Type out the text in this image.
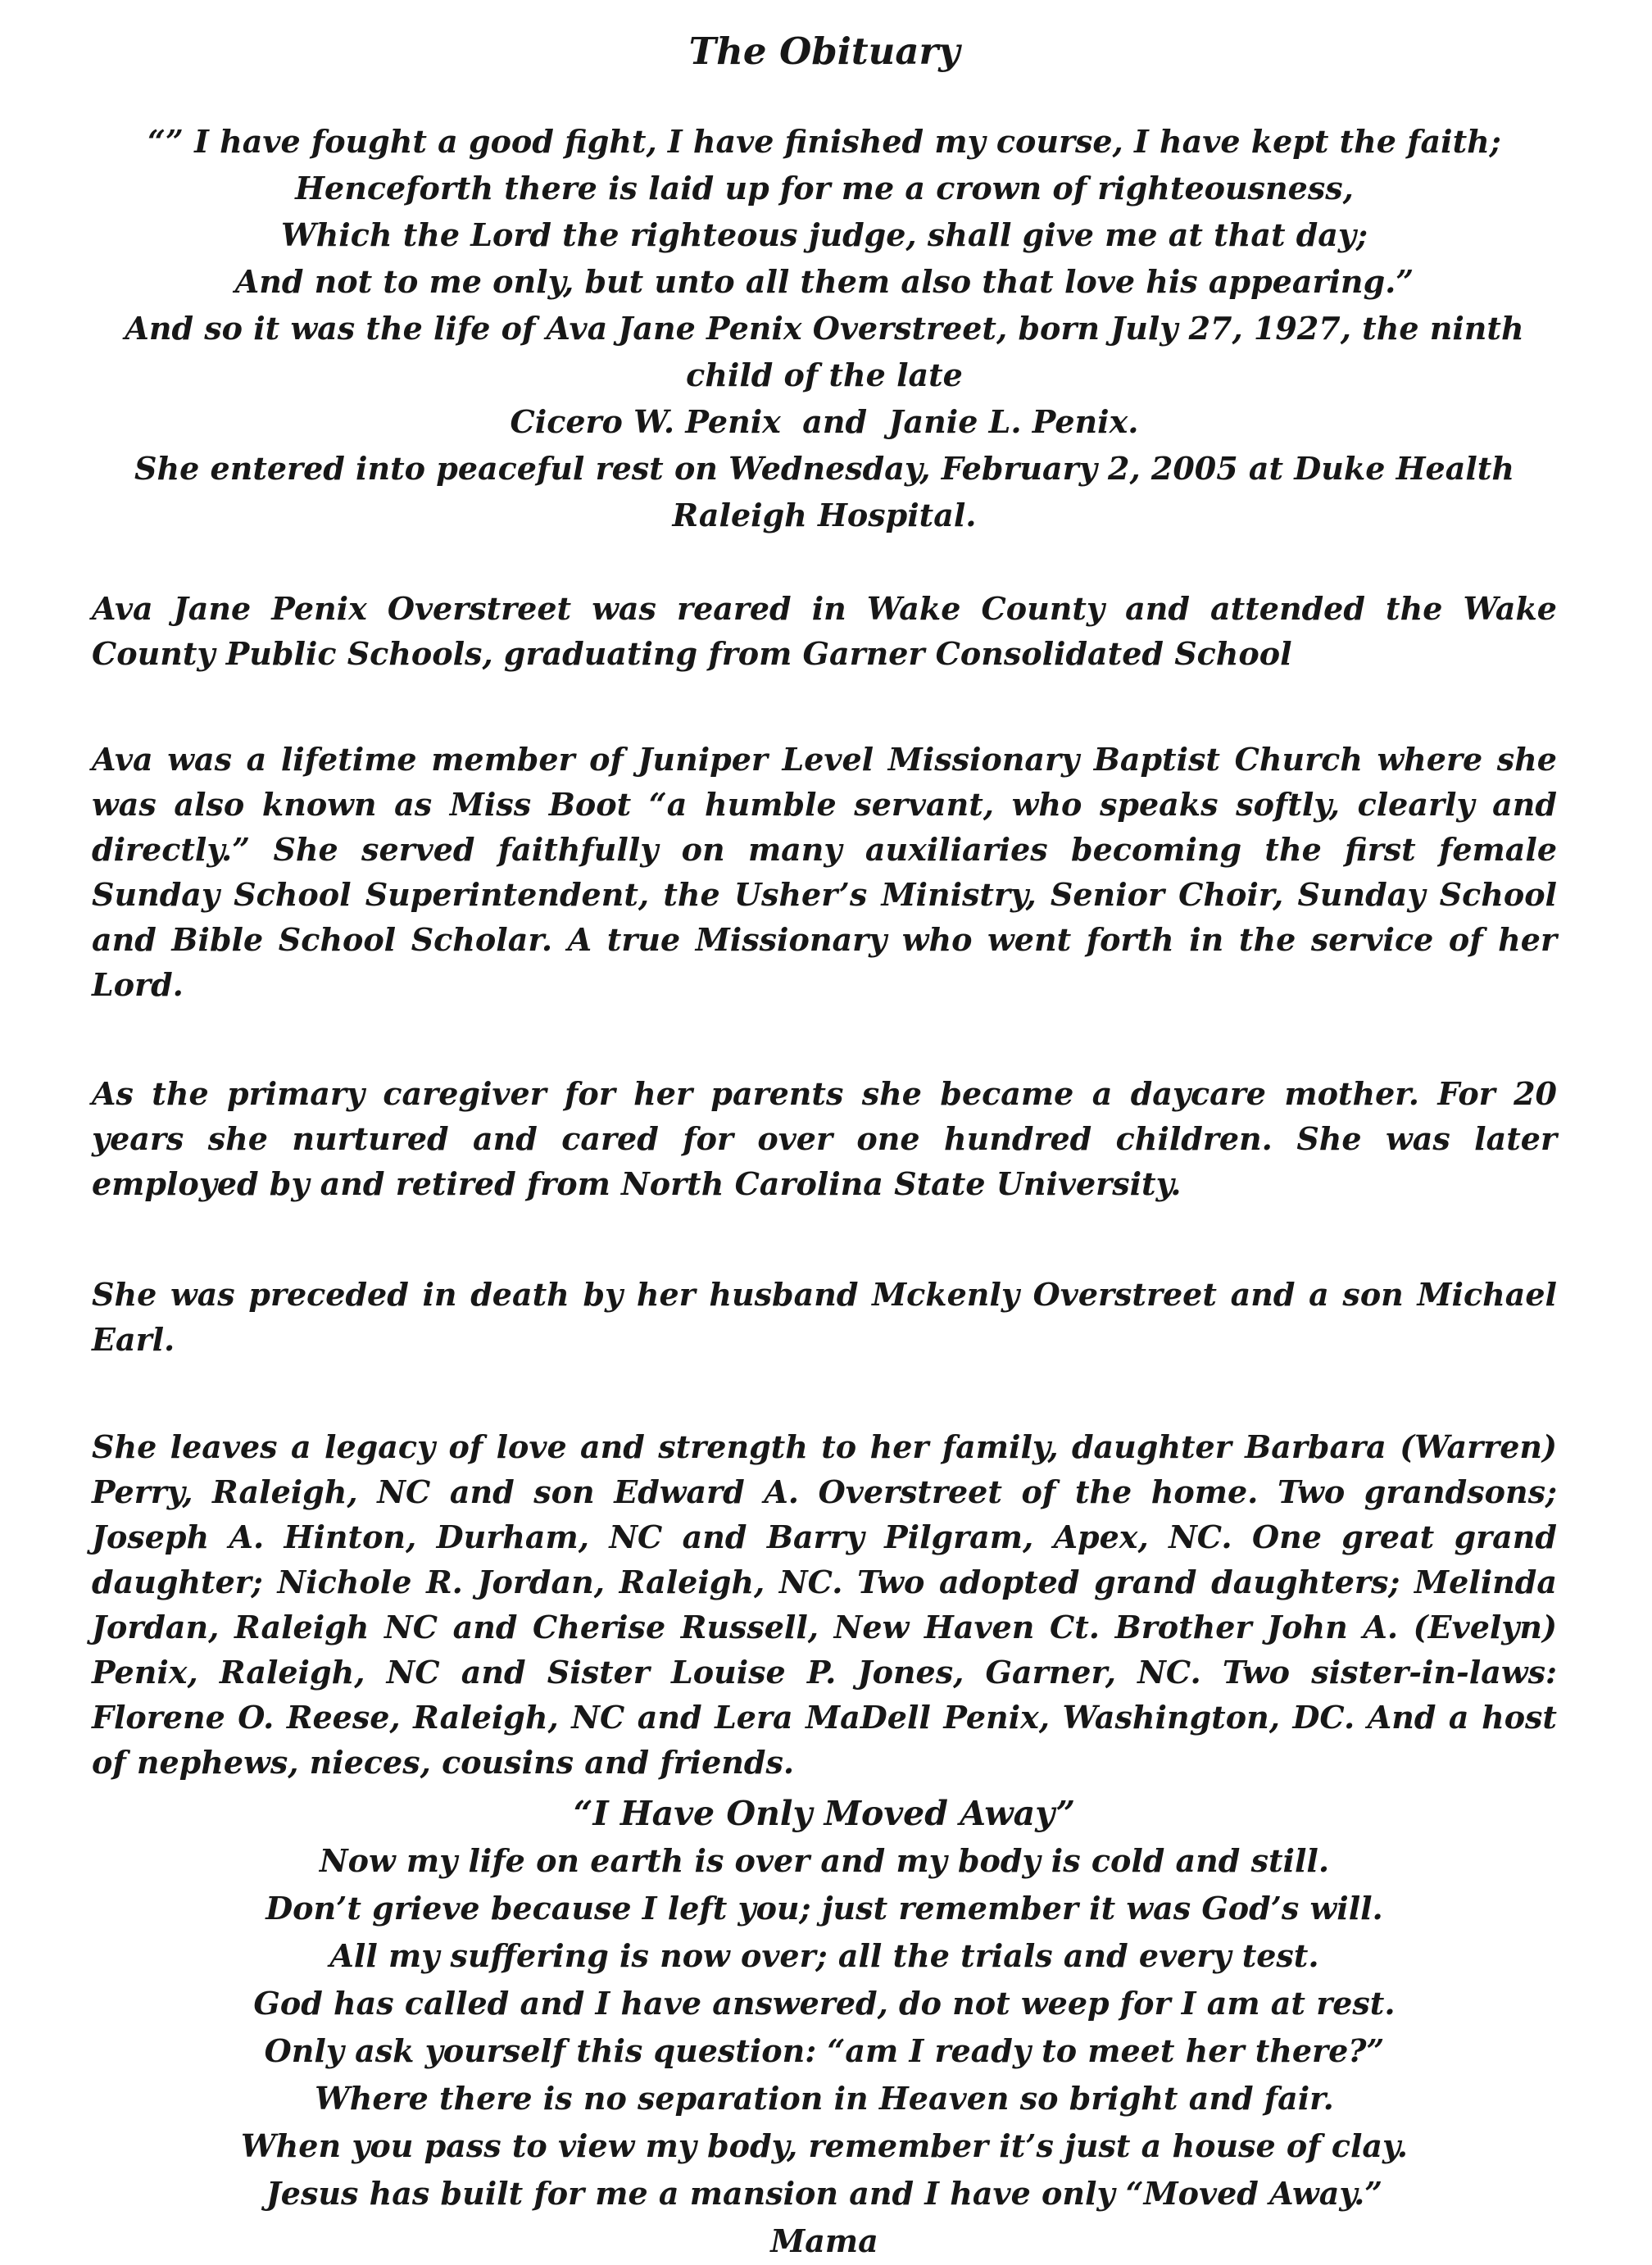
The Obituary
“” I have fought a good fight, I have finished my course, I have kept the faith;
Henceforth there is laid up for me a crown of righteousness,
Which the Lord the righteous judge, shall give me at that day;
And not to me only, but unto all them also that love his appearing.”
And so it was the life of Ava Jane Penix Overstreet, born July 27, 1927, the ninth child of the late
Cicero W. Penix  and  Janie L. Penix.
She entered into peaceful rest on Wednesday, February 2, 2005 at Duke Health Raleigh Hospital.

Ava Jane Penix Overstreet was reared in Wake County and attended the Wake County Public Schools, graduating from Garner Consolidated School

Ava was a lifetime member of Juniper Level Missionary Baptist Church where she was also known as Miss Boot “a humble servant, who speaks softly, clearly and directly.” She served faithfully on many auxiliaries becoming the first female Sunday School Superintendent, the Usher’s Ministry, Senior Choir, Sunday School and Bible School Scholar. A true Missionary who went forth in the service of her Lord.

As the primary caregiver for her parents she became a daycare mother. For 20 years she nurtured and cared for over one hundred children. She was later employed by and retired from North Carolina State University.

She was preceded in death by her husband Mckenly Overstreet and a son Michael Earl.

She leaves a legacy of love and strength to her family, daughter Barbara (Warren) Perry, Raleigh, NC and son Edward A. Overstreet of the home. Two grandsons; Joseph A. Hinton, Durham, NC and Barry Pilgram, Apex, NC. One great grand daughter; Nichole R. Jordan, Raleigh, NC. Two adopted grand daughters; Melinda Jordan, Raleigh NC and Cherise Russell, New Haven Ct. Brother John A. (Evelyn) Penix, Raleigh, NC and Sister Louise P. Jones, Garner, NC. Two sister-in-laws: Florene O. Reese, Raleigh, NC and Lera MaDell Penix, Washington, DC. And a host of nephews, nieces, cousins and friends.

“I Have Only Moved Away”
Now my life on earth is over and my body is cold and still.
Don’t grieve because I left you; just remember it was God’s will.
All my suffering is now over; all the trials and every test.
God has called and I have answered, do not weep for I am at rest.
Only ask yourself this question: “am I ready to meet her there?”
Where there is no separation in Heaven so bright and fair.
When you pass to view my body, remember it’s just a house of clay.
Jesus has built for me a mansion and I have only “Moved Away.”
Mama
